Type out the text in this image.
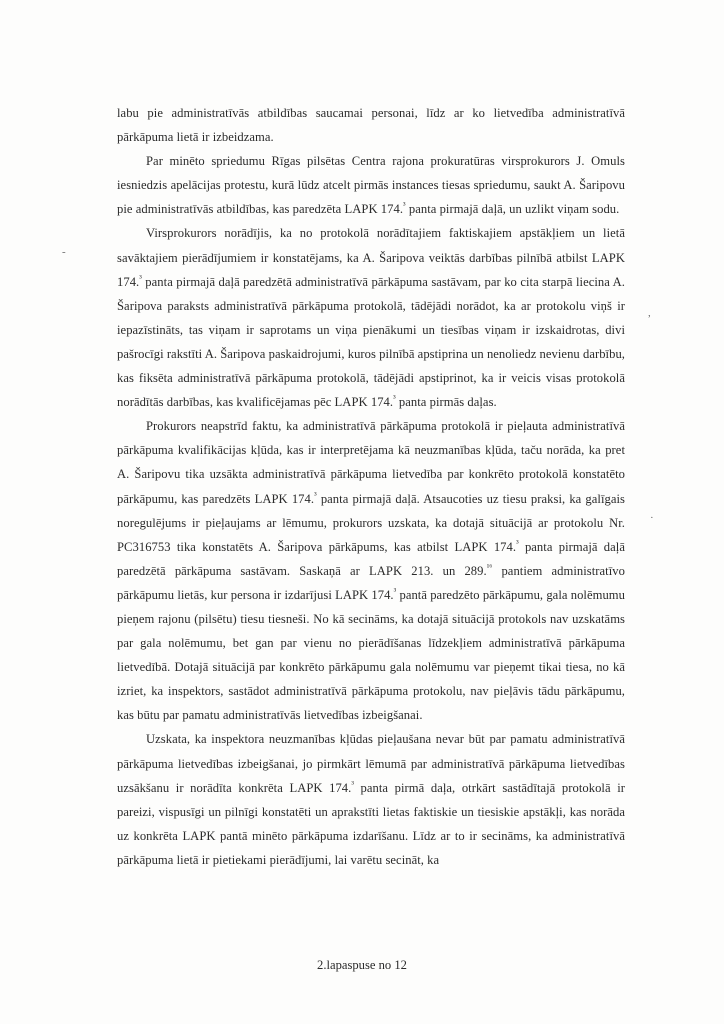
labu pie administratīvās atbildības saucamai personai, līdz ar ko lietvedība administratīvā pārkāpuma lietā ir izbeidzama.

Par minēto spriedumu Rīgas pilsētas Centra rajona prokuratūras virsprokurors J. Omuls iesniedzis apelācijas protestu, kurā lūdz atcelt pirmās instances tiesas spriedumu, saukt A. Šaripovu pie administratīvās atbildības, kas paredzēta LAPK 174.$^{^3}$ panta pirmajā daļā, un uzlikt viņam sodu.

Virsprokurors norādījis, ka no protokolā norādītajiem faktiskajiem apstākļiem un lietā savāktajiem pierādījumiem ir konstatējams, ka A. Šaripova veiktās darbības pilnībā atbilst LAPK 174.$^{^3}$ panta pirmajā daļā paredzētā administratīvā pārkāpuma sastāvam, par ko cita starpā liecina A. Šaripova paraksts administratīvā pārkāpuma protokolā, tādējādi norādot, ka ar protokolu viņš ir iepazīstināts, tas viņam ir saprotams un viņa pienākumi un tiesības viņam ir izskaidrotas, divi pašrocīgi rakstīti A. Šaripova paskaidrojumi, kuros pilnībā apstiprina un nenoliedz nevienu darbību, kas fiksēta administratīvā pārkāpuma protokolā, tādējādi apstiprinot, ka ir veicis visas protokolā norādītās darbības, kas kvalificējamas pēc LAPK 174.$^{^3}$ panta pirmās daļas.

Prokurors neapstrīd faktu, ka administratīvā pārkāpuma protokolā ir pieļauta administratīvā pārkāpuma kvalifikācijas kļūda, kas ir interpretējama kā neuzmanības kļūda, taču norāda, ka pret A. Šaripovu tika uzsākta administratīvā pārkāpuma lietvedība par konkrēto protokolā konstatēto pārkāpumu, kas paredzēts LAPK 174.$^{^3}$ panta pirmajā daļā. Atsaucoties uz tiesu praksi, ka galīgais noregulējums ir pieļaujams ar lēmumu, prokurors uzskata, ka dotajā situācijā ar protokolu Nr. PC316753 tika konstatēts A. Šaripova pārkāpums, kas atbilst LAPK 174.$^{^3}$ panta pirmajā daļā paredzētā pārkāpuma sastāvam. Saskaņā ar LAPK 213. un 289.$^{^{16}}$ pantiem administratīvo pārkāpumu lietās, kur persona ir izdarījusi LAPK 174.$^{^3}$ pantā paredzēto pārkāpumu, gala nolēmumu pieņem rajonu (pilsētu) tiesu tiesneši. No kā secināms, ka dotajā situācijā protokols nav uzskatāms par gala nolēmumu, bet gan par vienu no pierādīšanas līdzekļiem administratīvā pārkāpuma lietvedībā. Dotajā situācijā par konkrēto pārkāpumu gala nolēmumu var pieņemt tikai tiesa, no kā izriet, ka inspektors, sastādot administratīvā pārkāpuma protokolu, nav pieļāvis tādu pārkāpumu, kas būtu par pamatu administratīvās lietvedības izbeigšanai.

Uzskata, ka inspektora neuzmanības kļūdas pieļaušana nevar būt par pamatu administratīvā pārkāpuma lietvedības izbeigšanai, jo pirmkārt lēmumā par administratīvā pārkāpuma lietvedības uzsākšanu ir norādīta konkrēta LAPK 174.$^{^3}$ panta pirmā daļa, otrkārt sastādītajā protokolā ir pareizi, vispusīgi un pilnīgi konstatēti un aprakstīti lietas faktiskie un tiesiskie apstākļi, kas norāda uz konkrēta LAPK pantā minēto pārkāpuma izdarīšanu. Līdz ar to ir secināms, ka administratīvā pārkāpuma lietā ir pietiekami pierādījumi, lai varētu secināt, ka

2.lapaspuse no 12
-
,
·
